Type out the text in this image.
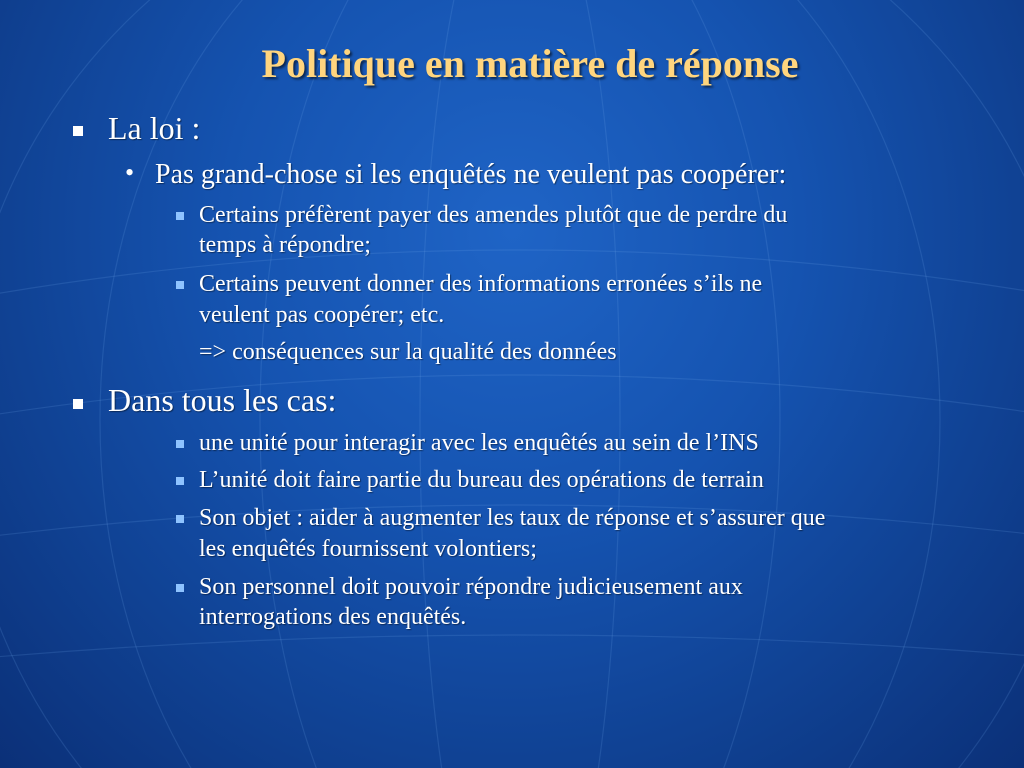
Politique en matière de réponse
La loi :
• Pas grand-chose si les enquêtés ne veulent pas coopérer:
Certains préfèrent payer des amendes plutôt que de perdre du
temps à répondre;
Certains peuvent donner des informations erronées s’ils ne
veulent pas coopérer; etc.
=> conséquences sur la qualité des données
Dans tous les cas:
une unité pour interagir avec les enquêtés au sein de l’INS
L’unité doit faire partie du bureau des opérations de terrain
Son objet : aider à augmenter les taux de réponse et s’assurer que
les enquêtés fournissent volontiers;
Son personnel doit pouvoir répondre judicieusement aux
interrogations des enquêtés.
